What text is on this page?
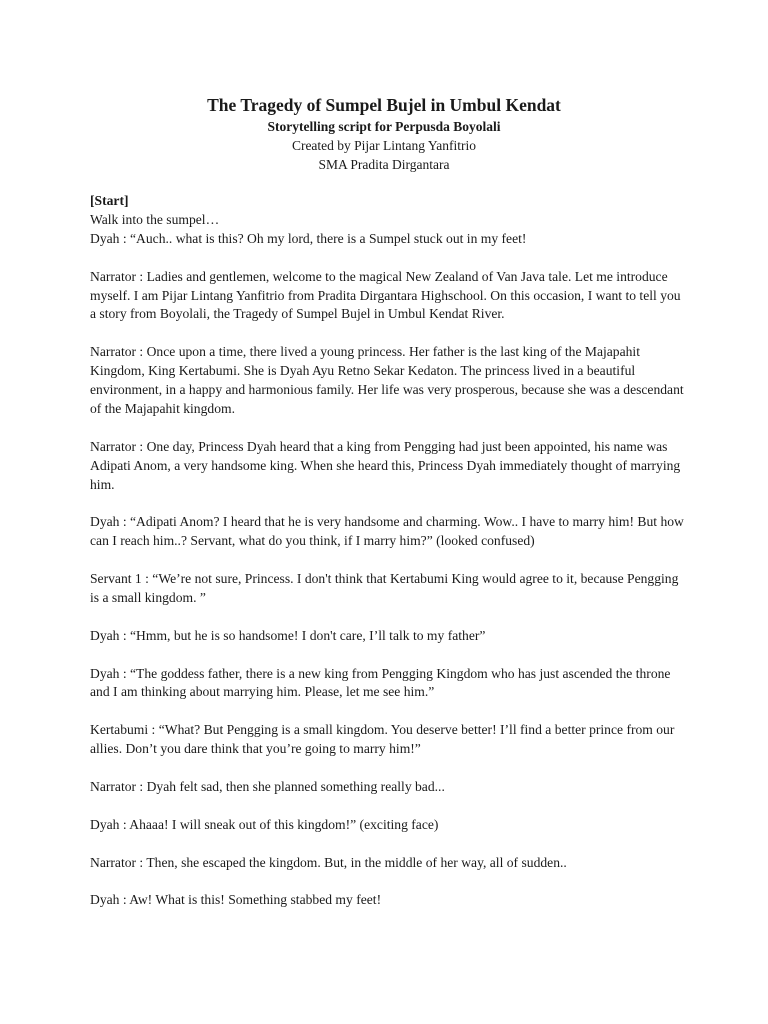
The Tragedy of Sumpel Bujel in Umbul Kendat
Storytelling script for Perpusda Boyolali
Created by Pijar Lintang Yanfitrio
SMA Pradita Dirgantara

[Start]

Walk into the sumpel…

Dyah : “Auch.. what is this? Oh my lord, there is a Sumpel stuck out in my feet!

Narrator : Ladies and gentlemen, welcome to the magical New Zealand of Van Java tale. Let me introduce myself. I am Pijar Lintang Yanfitrio from Pradita Dirgantara Highschool. On this occasion, I want to tell you a story from Boyolali, the Tragedy of Sumpel Bujel in Umbul Kendat River.

Narrator : Once upon a time, there lived a young princess. Her father is the last king of the Majapahit Kingdom, King Kertabumi. She is Dyah Ayu Retno Sekar Kedaton. The princess lived in a beautiful environment, in a happy and harmonious family. Her life was very prosperous, because she was a descendant of the Majapahit kingdom.

Narrator : One day, Princess Dyah heard that a king from Pengging had just been appointed, his name was Adipati Anom, a very handsome king. When she heard this, Princess Dyah immediately thought of marrying him.

Dyah : “Adipati Anom? I heard that he is very handsome and charming. Wow.. I have to marry him! But how can I reach him..? Servant, what do you think, if I marry him?” (looked confused)

Servant 1 : “We’re not sure, Princess. I don't think that Kertabumi King would agree to it, because Pengging is a small kingdom. ”

Dyah : “Hmm, but he is so handsome! I don't care, I’ll talk to my father”

Dyah : “The goddess father, there is a new king from Pengging Kingdom who has just ascended the throne and I am thinking about marrying him. Please, let me see him.”

Kertabumi : “What? But Pengging is a small kingdom. You deserve better! I’ll find a better prince from our allies. Don’t you dare think that you’re going to marry him!”

Narrator : Dyah felt sad, then she planned something really bad...

Dyah : Ahaaa! I will sneak out of this kingdom!” (exciting face)

Narrator : Then, she escaped the kingdom. But, in the middle of her way, all of sudden..

Dyah : Aw! What is this! Something stabbed my feet!
